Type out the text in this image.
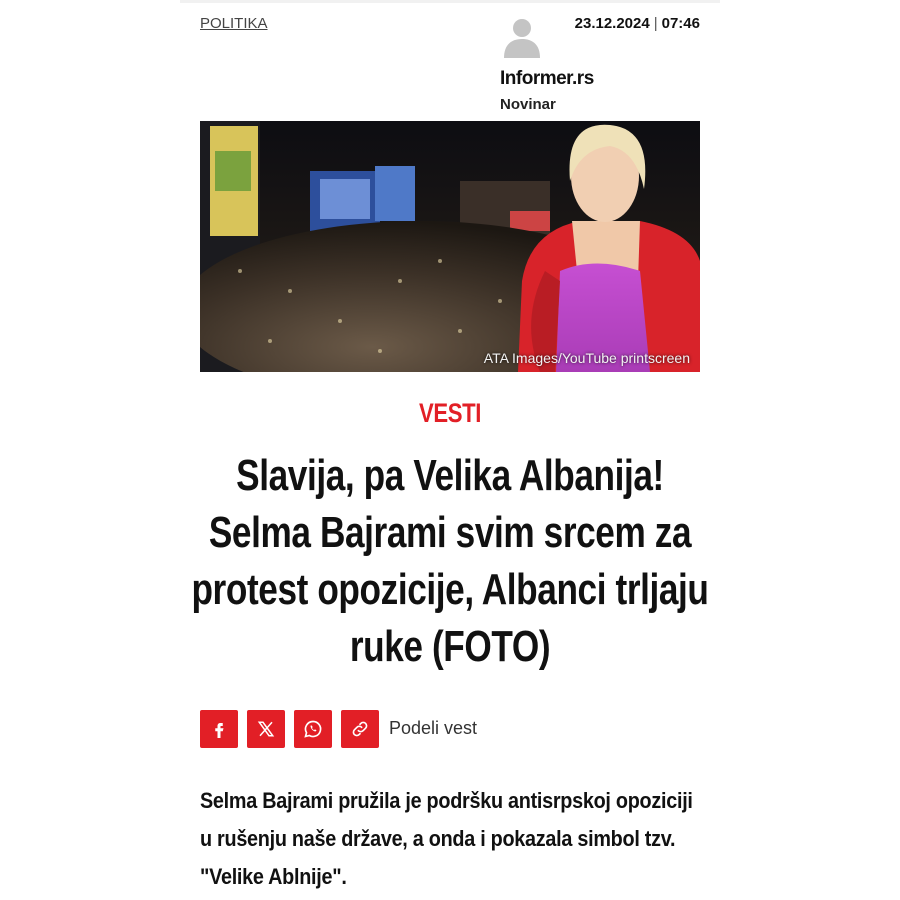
POLITIKA
Informer.rs
Novinar
23.12.2024 | 07:46
ATA Images/YouTube printscreen
VESTI
Slavija, pa Velika Albanija! Selma Bajrami svim srcem za protest opozicije, Albanci trljaju ruke (FOTO)
Podeli vest

Selma Bajrami pružila je podršku antisrpskoj opoziciji u rušenju naše države, a onda i pokazala simbol tzv. "Velike Ablnije".
